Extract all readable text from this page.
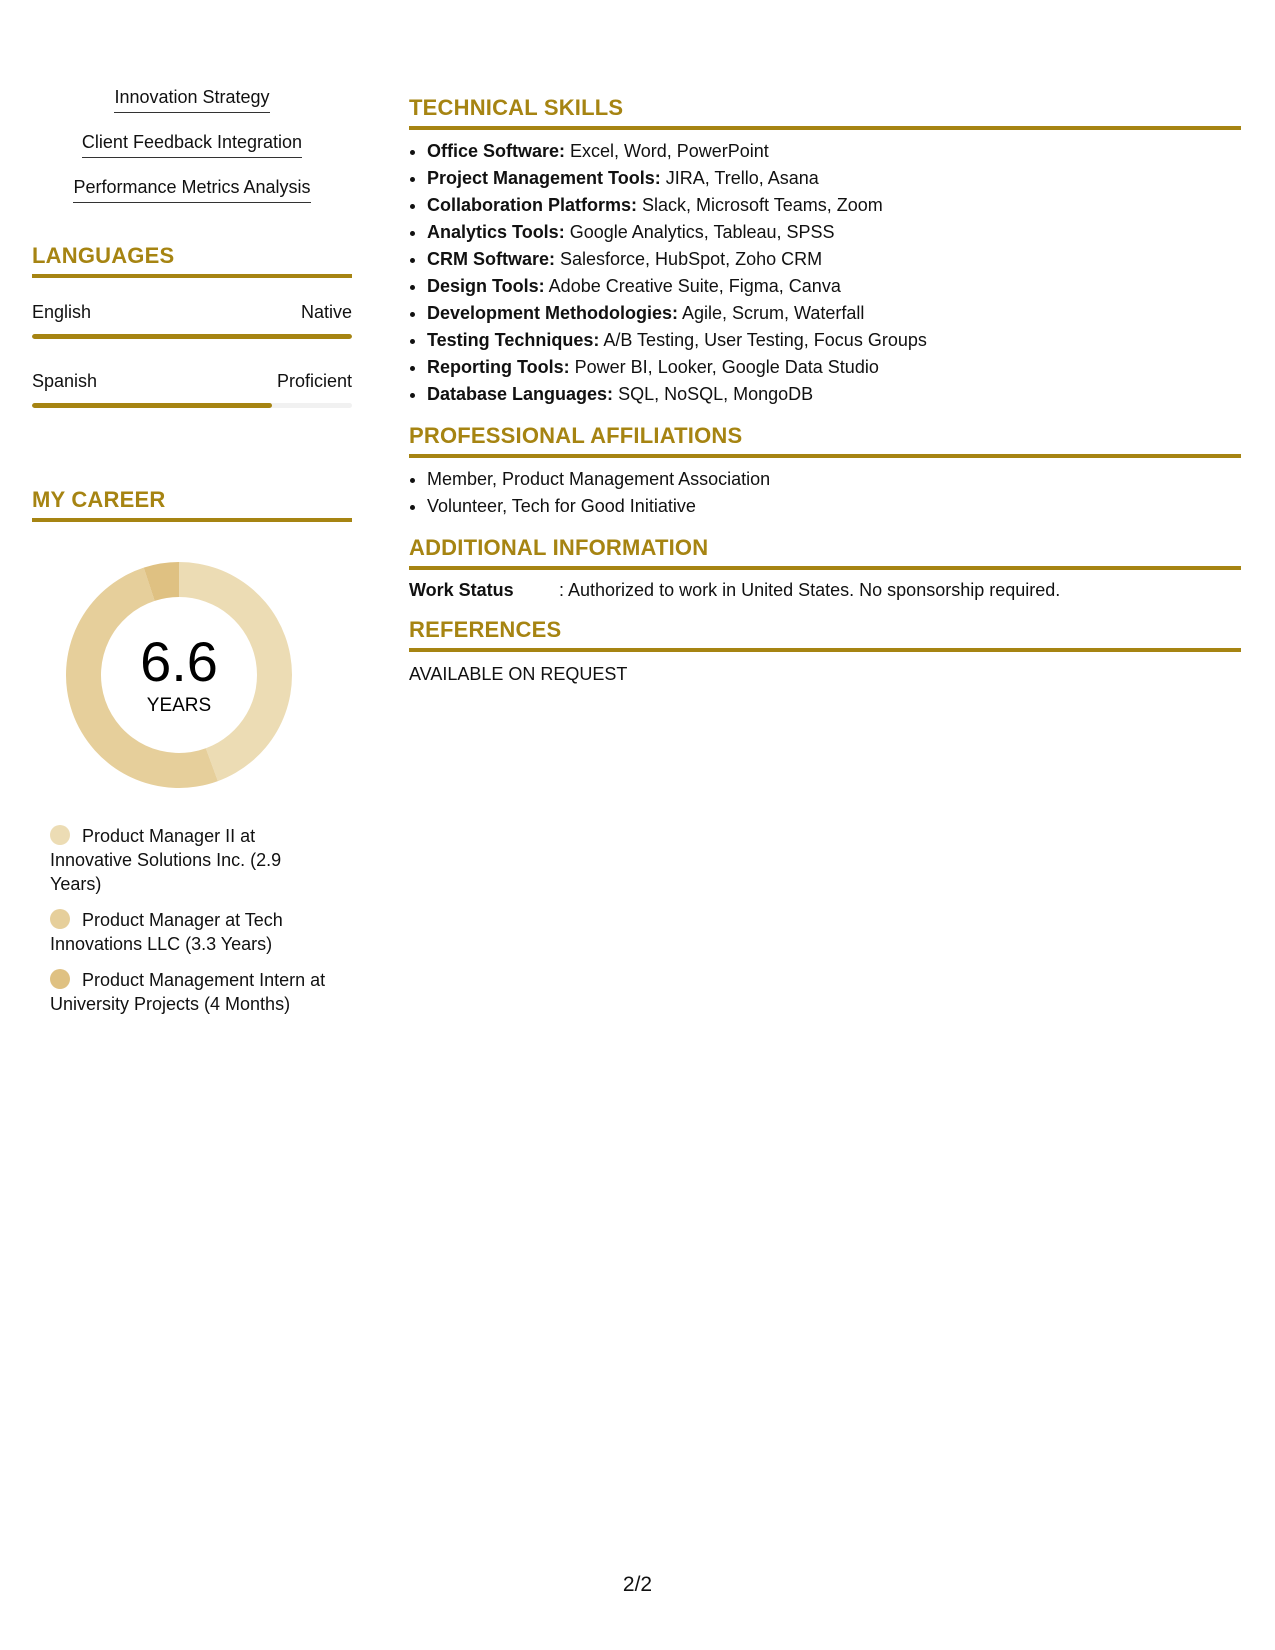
Innovation Strategy
Client Feedback Integration
Performance Metrics Analysis
LANGUAGES
English	Native
Spanish	Proficient
MY CAREER
6.6
YEARS
Product Manager II at Innovative Solutions Inc. (2.9 Years)
Product Manager at Tech Innovations LLC (3.3 Years)
Product Management Intern at University Projects (4 Months)
TECHNICAL SKILLS
• Office Software: Excel, Word, PowerPoint
• Project Management Tools: JIRA, Trello, Asana
• Collaboration Platforms: Slack, Microsoft Teams, Zoom
• Analytics Tools: Google Analytics, Tableau, SPSS
• CRM Software: Salesforce, HubSpot, Zoho CRM
• Design Tools: Adobe Creative Suite, Figma, Canva
• Development Methodologies: Agile, Scrum, Waterfall
• Testing Techniques: A/B Testing, User Testing, Focus Groups
• Reporting Tools: Power BI, Looker, Google Data Studio
• Database Languages: SQL, NoSQL, MongoDB
PROFESSIONAL AFFILIATIONS
• Member, Product Management Association
• Volunteer, Tech for Good Initiative
ADDITIONAL INFORMATION
Work Status	: Authorized to work in United States. No sponsorship required.
REFERENCES
AVAILABLE ON REQUEST
2/2
